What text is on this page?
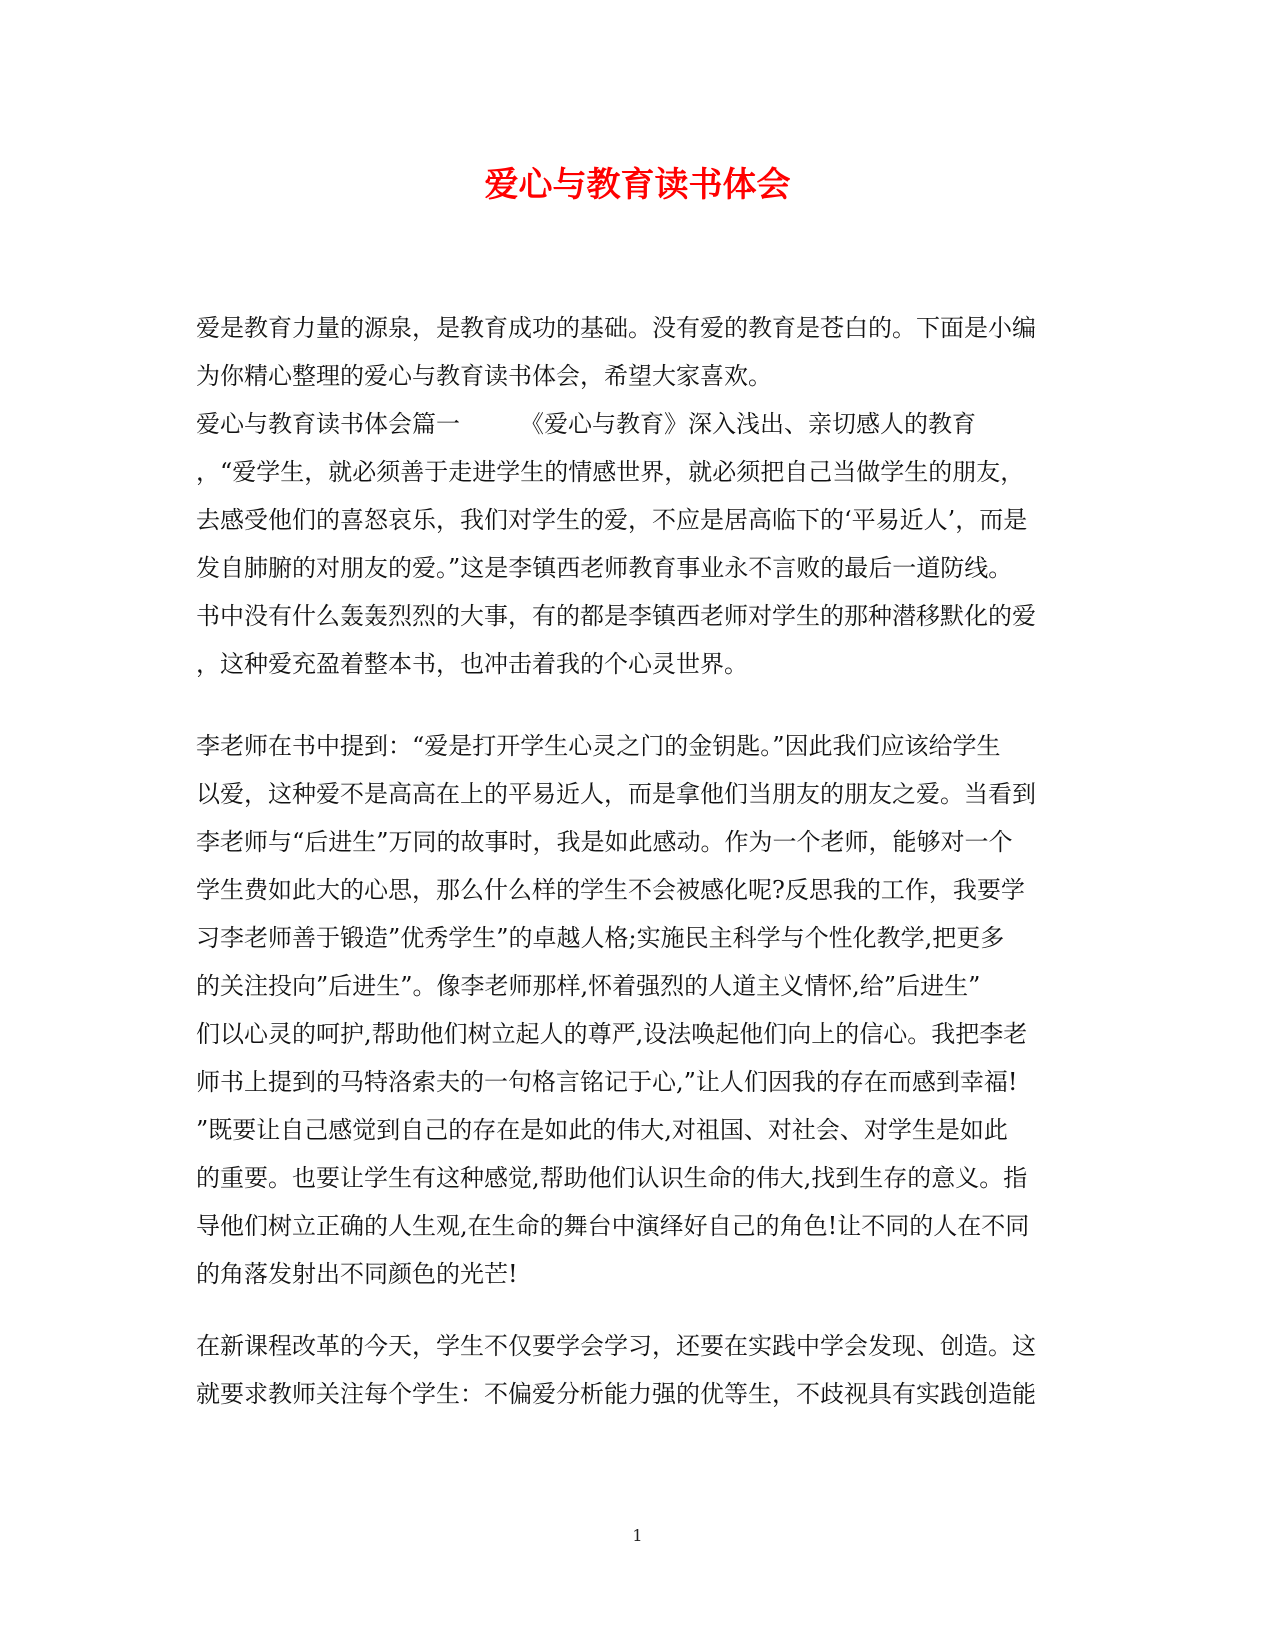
爱心与教育读书体会
爱是教育力量的源泉，是教育成功的基础。没有爱的教育是苍白的。下面是小编
为你精心整理的爱心与教育读书体会，希望大家喜欢。
爱心与教育读书体会篇一　　　《爱心与教育》深入浅出、亲切感人的教育
，“爱学生，就必须善于走进学生的情感世界，就必须把自己当做学生的朋友，
去感受他们的喜怒哀乐，我们对学生的爱，不应是居高临下的‘平易近人’，而是
发自肺腑的对朋友的爱。”这是李镇西老师教育事业永不言败的最后一道防线。
书中没有什么轰轰烈烈的大事，有的都是李镇西老师对学生的那种潜移默化的爱
，这种爱充盈着整本书，也冲击着我的个心灵世界。
李老师在书中提到：“爱是打开学生心灵之门的金钥匙。”因此我们应该给学生
以爱，这种爱不是高高在上的平易近人，而是拿他们当朋友的朋友之爱。当看到
李老师与“后进生”万同的故事时，我是如此感动。作为一个老师，能够对一个
学生费如此大的心思，那么什么样的学生不会被感化呢?反思我的工作，我要学
习李老师善于锻造”优秀学生”的卓越人格;实施民主科学与个性化教学,把更多
的关注投向”后进生”。像李老师那样,怀着强烈的人道主义情怀,给”后进生”
们以心灵的呵护,帮助他们树立起人的尊严,设法唤起他们向上的信心。我把李老
师书上提到的马特洛索夫的一句格言铭记于心,”让人们因我的存在而感到幸福!
”既要让自己感觉到自己的存在是如此的伟大,对祖国、对社会、对学生是如此
的重要。也要让学生有这种感觉,帮助他们认识生命的伟大,找到生存的意义。指
导他们树立正确的人生观,在生命的舞台中演绎好自己的角色!让不同的人在不同
的角落发射出不同颜色的光芒!
在新课程改革的今天，学生不仅要学会学习，还要在实践中学会发现、创造。这
就要求教师关注每个学生：不偏爱分析能力强的优等生，不歧视具有实践创造能
1
